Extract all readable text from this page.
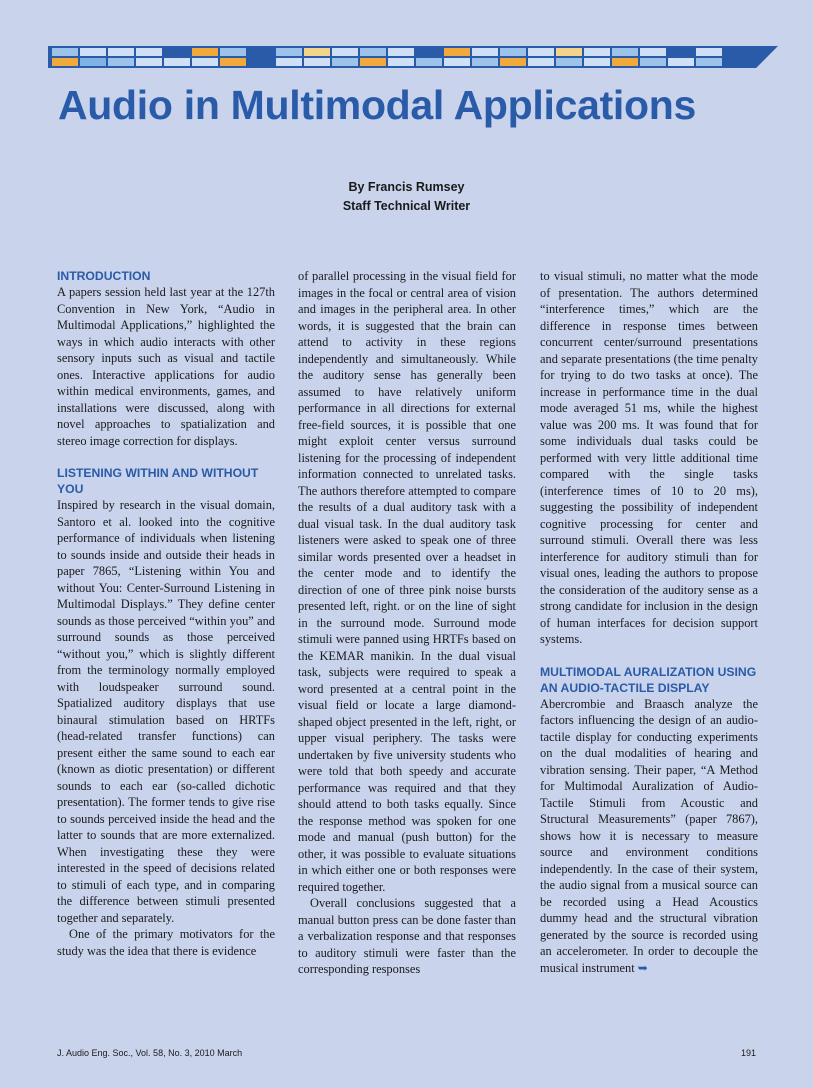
Audio in Multimodal Applications
By Francis Rumsey
Staff Technical Writer
INTRODUCTION

A papers session held last year at the 127th Convention in New York, “Audio in Multimodal Applications,” highlighted the ways in which audio interacts with other sensory inputs such as visual and tactile ones. Interactive applications for audio within medical environments, games, and installations were discussed, along with novel approaches to spatialization and stereo image correction for displays.

LISTENING WITHIN AND WITHOUT YOU

Inspired by research in the visual domain, Santoro et al. looked into the cognitive performance of individuals when listening to sounds inside and outside their heads in paper 7865, “Listening within You and without You: Center-Surround Listening in Multimodal Displays.” They define center sounds as those perceived “within you” and surround sounds as those perceived “without you,” which is slightly different from the terminology normally employed with loudspeaker surround sound. Spatialized auditory displays that use binaural stimulation based on HRTFs (head-related transfer functions) can present either the same sound to each ear (known as diotic presentation) or different sounds to each ear (so-called dichotic presentation). The former tends to give rise to sounds perceived inside the head and the latter to sounds that are more externalized. When investigating these they were interested in the speed of decisions related to stimuli of each type, and in comparing the difference between stimuli presented together and separately.

One of the primary motivators for the study was the idea that there is evidence

of parallel processing in the visual field for images in the focal or central area of vision and images in the peripheral area. In other words, it is suggested that the brain can attend to activity in these regions independently and simultaneously. While the auditory sense has generally been assumed to have relatively uniform performance in all directions for external free-field sources, it is possible that one might exploit center versus surround listening for the processing of independent information connected to unrelated tasks. The authors therefore attempted to compare the results of a dual auditory task with a dual visual task. In the dual auditory task listeners were asked to speak one of three similar words presented over a headset in the center mode and to identify the direction of one of three pink noise bursts presented left, right. or on the line of sight in the surround mode. Surround mode stimuli were panned using HRTFs based on the KEMAR manikin. In the dual visual task, subjects were required to speak a word presented at a central point in the visual field or locate a large diamond-shaped object presented in the left, right, or upper visual periphery. The tasks were undertaken by five university students who were told that both speedy and accurate performance was required and that they should attend to both tasks equally. Since the response method was spoken for one mode and manual (push button) for the other, it was possible to evaluate situations in which either one or both responses were required together.

Overall conclusions suggested that a manual button press can be done faster than a verbalization response and that responses to auditory stimuli were faster than the corresponding responses

to visual stimuli, no matter what the mode of presentation. The authors determined “interference times,” which are the difference in response times between concurrent center/surround presentations and separate presentations (the time penalty for trying to do two tasks at once). The increase in performance time in the dual mode averaged 51 ms, while the highest value was 200 ms. It was found that for some individuals dual tasks could be performed with very little additional time compared with the single tasks (interference times of 10 to 20 ms), suggesting the possibility of independent cognitive processing for center and surround stimuli. Overall there was less interference for auditory stimuli than for visual ones, leading the authors to propose the consideration of the auditory sense as a strong candidate for inclusion in the design of human interfaces for decision support systems.

MULTIMODAL AURALIZATION USING AN AUDIO-TACTILE DISPLAY

Abercrombie and Braasch analyze the factors influencing the design of an audio-tactile display for conducting experiments on the dual modalities of hearing and vibration sensing. Their paper, “A Method for Multimodal Auralization of Audio-Tactile Stimuli from Acoustic and Structural Measurements” (paper 7867), shows how it is necessary to measure source and environment conditions independently. In the case of their system, the audio signal from a musical source can be recorded using a Head Acoustics dummy head and the structural vibration generated by the source is recorded using an accelerometer. In order to decouple the musical instrument ➥

J. Audio Eng. Soc., Vol. 58, No. 3, 2010 March	191
